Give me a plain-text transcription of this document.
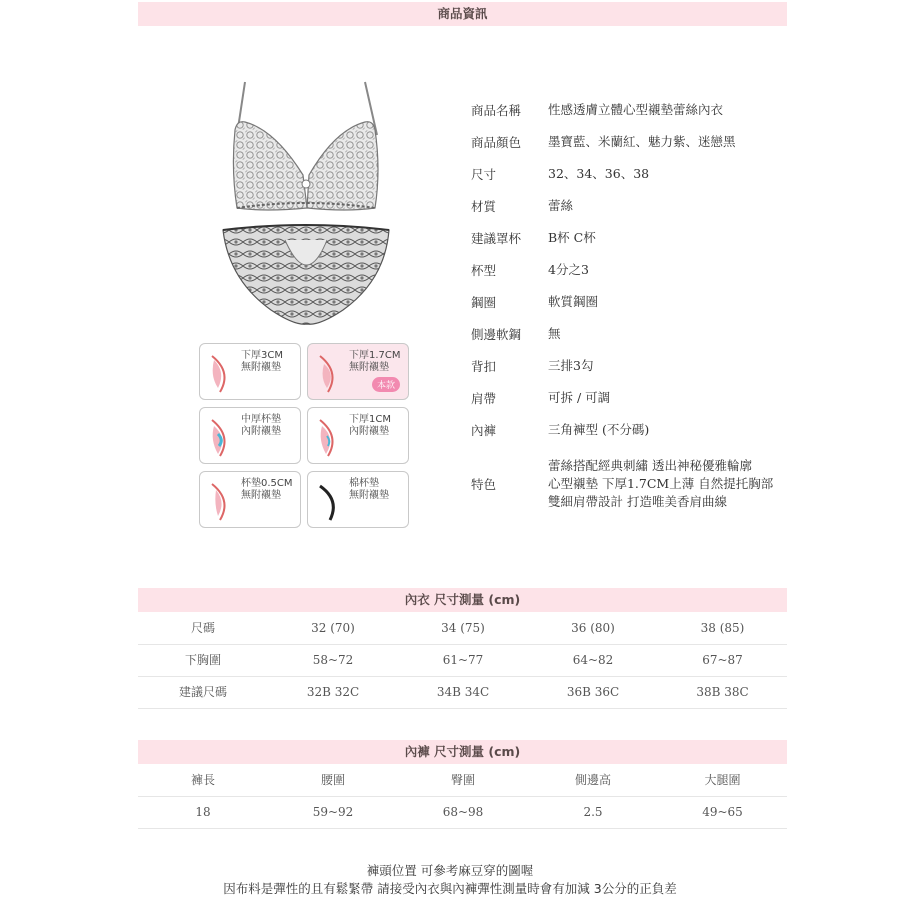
商品資訊
下厚3CM
無附襯墊
下厚1.7CM
無附襯墊
本款
中厚杯墊
內附襯墊
下厚1CM
內附襯墊
杯墊0.5CM
無附襯墊
棉杯墊
無附襯墊
商品名稱	性感透膚立體心型襯墊蕾絲內衣
商品顏色	墨寶藍、米蘭紅、魅力紫、迷戀黑
尺寸	32、34、36、38
材質	蕾絲
建議罩杯	B杯 C杯
杯型	4分之3
鋼圈	軟質鋼圈
側邊軟鋼	無
背扣	三排3勾
肩帶	可拆 / 可調
內褲	三角褲型 (不分碼)
特色
蕾絲搭配經典刺繡 透出神秘優雅輪廓
心型襯墊 下厚1.7CM上薄 自然提托胸部
雙細肩帶設計 打造唯美香肩曲線
內衣 尺寸測量 (cm)
尺碼	32 (70)	34 (75)	36 (80)	38 (85)
下胸圍	58~72	61~77	64~82	67~87
建議尺碼	32B 32C	34B 34C	36B 36C	38B 38C
內褲 尺寸測量 (cm)
褲長	腰圍	臀圍	側邊高	大腿圍
18	59~92	68~98	2.5	49~65
褲頭位置 可參考麻豆穿的圖喔
因布料是彈性的且有鬆緊帶 請接受內衣與內褲彈性測量時會有加減 3公分的正負差
